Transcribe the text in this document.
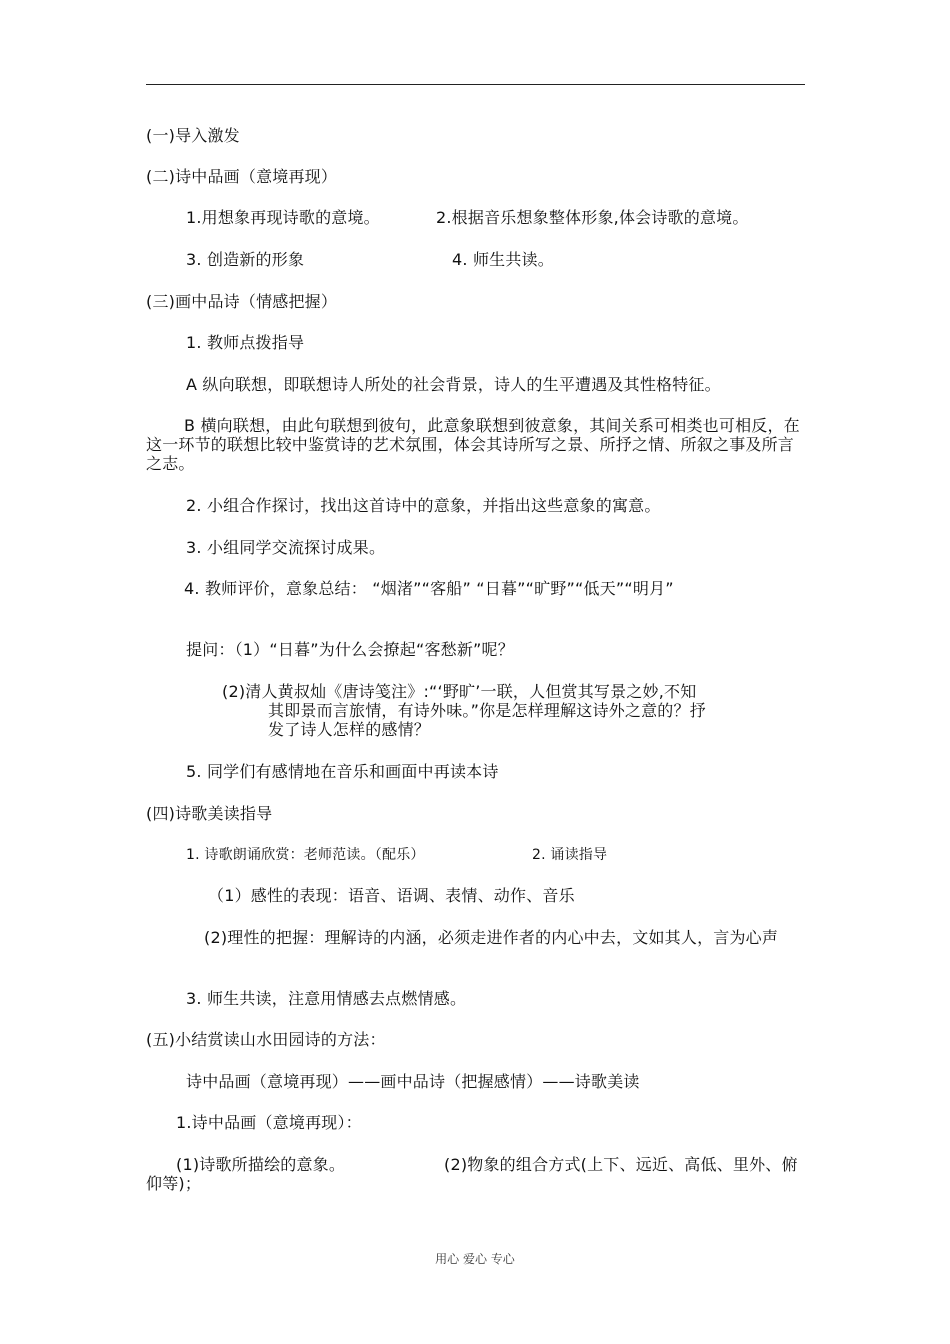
(一)导入激发
(二)诗中品画（意境再现）
1.用想象再现诗歌的意境。	2.根据音乐想象整体形象,体会诗歌的意境。
3. 创造新的形象	4. 师生共读。
(三)画中品诗（情感把握）
1. 教师点拨指导
A 纵向联想，即联想诗人所处的社会背景，诗人的生平遭遇及其性格特征。
B 横向联想，由此句联想到彼句，此意象联想到彼意象，其间关系可相类也可相反，在这一环节的联想比较中鉴赏诗的艺术氛围，体会其诗所写之景、所抒之情、所叙之事及所言之志。
2. 小组合作探讨，找出这首诗中的意象，并指出这些意象的寓意。
3. 小组同学交流探讨成果。
4. 教师评价，意象总结： “烟渚”“客船” “日暮”“旷野”“低天”“明月”
提问：（1）“日暮”为什么会撩起“客愁新”呢？
(2)清人黄叔灿《唐诗笺注》:“‘野旷’一联，人但赏其写景之妙,不知
其即景而言旅情，有诗外味。”你是怎样理解这诗外之意的？抒
发了诗人怎样的感情？
5. 同学们有感情地在音乐和画面中再读本诗
(四)诗歌美读指导
1. 诗歌朗诵欣赏：老师范读。（配乐）	2. 诵读指导
（1）感性的表现：语音、语调、表情、动作、音乐
(2)理性的把握：理解诗的内涵，必须走进作者的内心中去，文如其人，言为心声
3. 师生共读，注意用情感去点燃情感。
(五)小结赏读山水田园诗的方法：
诗中品画（意境再现）——画中品诗（把握感情）——诗歌美读
1.诗中品画（意境再现）：
(1)诗歌所描绘的意象。	(2)物象的组合方式(上下、远近、高低、里外、俯仰等)；
用心 爱心 专心
